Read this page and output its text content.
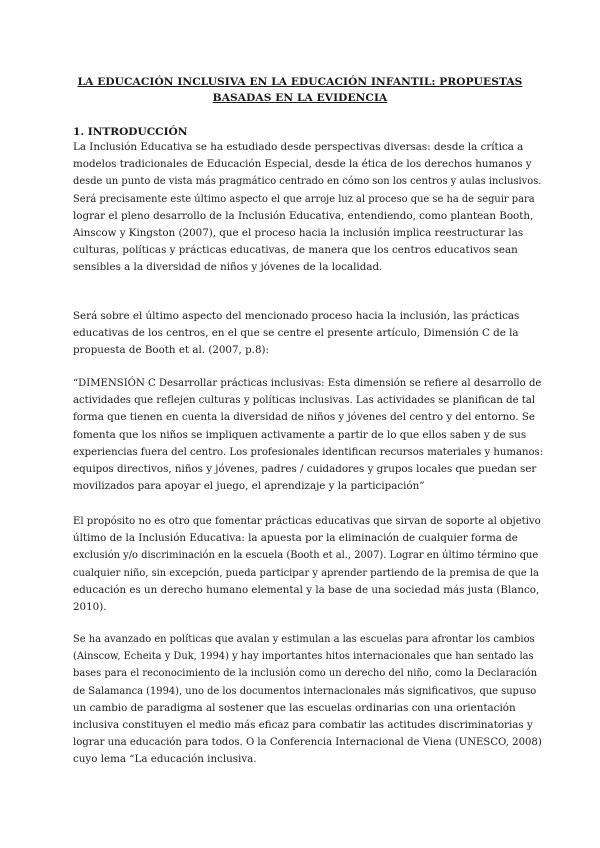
LA EDUCACIÓN INCLUSIVA EN LA EDUCACIÓN INFANTIL: PROPUESTAS
BASADAS EN LA EVIDENCIA
1. INTRODUCCIÓN
La Inclusión Educativa se ha estudiado desde perspectivas diversas: desde la crítica a
modelos tradicionales de Educación Especial, desde la ética de los derechos humanos y
desde un punto de vista más pragmático centrado en cómo son los centros y aulas inclusivos.
Será precisamente este último aspecto el que arroje luz al proceso que se ha de seguir para
lograr el pleno desarrollo de la Inclusión Educativa, entendiendo, como plantean Booth,
Ainscow y Kingston (2007), que el proceso hacia la inclusión implica reestructurar las
culturas, políticas y prácticas educativas, de manera que los centros educativos sean
sensibles a la diversidad de niños y jóvenes de la localidad.
Será sobre el último aspecto del mencionado proceso hacia la inclusión, las prácticas
educativas de los centros, en el que se centre el presente artículo, Dimensión C de la
propuesta de Booth et al. (2007, p.8):
“DIMENSIÓN C Desarrollar prácticas inclusivas: Esta dimensión se refiere al desarrollo de
actividades que reflejen culturas y políticas inclusivas. Las actividades se planifican de tal
forma que tienen en cuenta la diversidad de niños y jóvenes del centro y del entorno. Se
fomenta que los niños se impliquen activamente a partir de lo que ellos saben y de sus
experiencias fuera del centro. Los profesionales identifican recursos materiales y humanos:
equipos directivos, niños y jóvenes, padres / cuidadores y grupos locales que puedan ser
movilizados para apoyar el juego, el aprendizaje y la participación”
El propósito no es otro que fomentar prácticas educativas que sirvan de soporte al objetivo
último de la Inclusión Educativa: la apuesta por la eliminación de cualquier forma de
exclusión y/o discriminación en la escuela (Booth et al., 2007). Lograr en último término que
cualquier niño, sin excepción, pueda participar y aprender partiendo de la premisa de que la
educación es un derecho humano elemental y la base de una sociedad más justa (Blanco,
2010).
Se ha avanzado en políticas que avalan y estimulan a las escuelas para afrontar los cambios
(Ainscow, Echeita y Duk, 1994) y hay importantes hitos internacionales que han sentado las
bases para el reconocimiento de la inclusión como un derecho del niño, como la Declaración
de Salamanca (1994), uno de los documentos internacionales más significativos, que supuso
un cambio de paradigma al sostener que las escuelas ordinarias con una orientación
inclusiva constituyen el medio más eficaz para combatir las actitudes discriminatorias y
lograr una educación para todos. O la Conferencia Internacional de Viena (UNESCO, 2008)
cuyo lema “La educación inclusiva.
